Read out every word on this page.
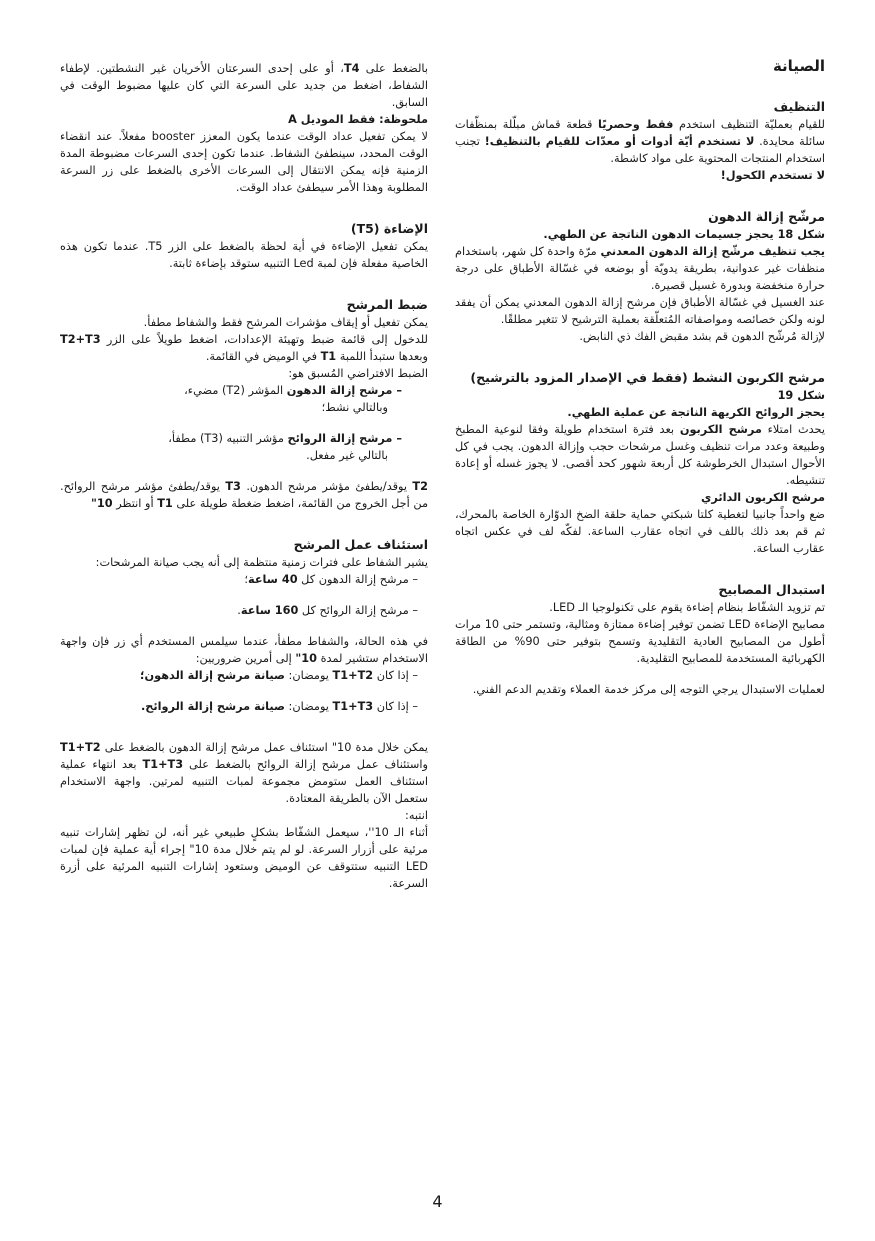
الصيانة
التنظيف

للقيام بعمليّة التنظيف استخدم فقط وحصريًا قطعة قماش مبلّلة بمنظّفات سائلة محايدة. لا تستخدم أيّة أدوات أو معدّات للقيام بالتنظيف! تجنب استخدام المنتجات المحتوية على مواد كاشطة.

لا تستخدم الكحول!

مرشّح إزالة الدهون

شكل 18 يحجز جسيمات الدهون الناتجة عن الطهي.

يجب تنظيف مرشّح إزالة الدهون المعدني مرّة واحدة كل شهر، باستخدام منظفات غير عدوانية، بطريقة يدويّة أو بوضعه في غسّالة الأطباق على درجة حرارة منخفضة وبدورة غسيل قصيرة.

عند الغسيل في غسّالة الأطباق فإن مرشح إزالة الدهون المعدني يمكن أن يفقد لونه ولكن خصائصه ومواصفاته المُتعلّقة بعملية الترشيح لا تتغير مطلقًا.

لإزالة مُرشّح الدهون قم بشد مقبض الفك ذي النابض.

مرشح الكربون النشط (فقط في الإصدار المزود بالترشيح)

شكل 19

يحجز الروائح الكريهة الناتجة عن عملية الطهي.

يحدث امتلاء مرشح الكربون بعد فترة استخدام طويلة وفقا لنوعية المطبخ وطبيعة وعدد مرات تنظيف وغسل مرشحات حجب وإزالة الدهون. يجب في كل الأحوال استبدال الخرطوشة كل أربعة شهور كحد أقصى. لا يجوز غسله أو إعادة تنشيطه.

مرشح الكربون الدائري

ضع واحداً جانبيا لتغطية كلتا شبكتي حماية حلقة الضخ الدوّارة الخاصة بالمحرك، ثم قم بعد ذلك باللف في اتجاه عقارب الساعة. لفكّه لف في عكس اتجاه عقارب الساعة.

استبدال المصابيح

تم تزويد الشفّاط بنظام إضاءة يقوم على تكنولوجيا الـ LED.

مصابيح الإضاءة LED تضمن توفير إضاءة ممتازة ومثالية، وتستمر حتى 10 مرات أطول من المصابيح العادية التقليدية وتسمح بتوفير حتى 90% من الطاقة الكهربائية المستخدمة للمصابيح التقليدية.

لعمليات الاستبدال يرجي التوجه إلى مركز خدمة العملاء وتقديم الدعم الفني.

بالضغط على T4، أو على إحدى السرعتان الأخريان غير النشطتين. لإطفاء الشفاط، اضغط من جديد على السرعة التي كان عليها مضبوط الوقت في السابق.

ملحوظة: فقط الموديل A

لا يمكن تفعيل عداد الوقت عندما يكون المعزز booster مفعلاً. عند انقضاء الوقت المحدد، سينطفئ الشفاط. عندما تكون إحدى السرعات مضبوطة المدة الزمنية فإنه يمكن الانتقال إلى السرعات الأخرى بالضغط على زر السرعة المطلوبة وهذا الأمر سيطفئ عداد الوقت.

الإضاءة (T5)

يمكن تفعيل الإضاءة في أية لحظة بالضغط على الزر T5. عندما تكون هذه الخاصية مفعلة فإن لمبة Led التنبيه ستوقد بإضاءة ثابتة.

ضبط المرشح

يمكن تفعيل أو إيقاف مؤشرات المرشح فقط والشفاط مطفأ.

للدخول إلى قائمة ضبط وتهيئة الإعدادات، اضغط طويلاً على الزر T2+T3 وبعدها ستبدأ اللمبة T1 في الوميض في القائمة.

الضبط الافتراضي المُسبق هو:

– مرشح إزالة الدهون المؤشر (T2) مضيء،

وبالتالي نشط؛

– مرشح إزالة الروائح مؤشر التنبيه (T3) مطفأ،

بالتالي غير مفعل.

T2 يوقد/يطفئ مؤشر مرشح الدهون. T3 يوقد/يطفئ مؤشر مرشح الروائح. من أجل الخروج من القائمة، اضغط ضغطة طويلة على T1 أو انتظر 10"

استئناف عمل المرشح

يشير الشفاط على فترات زمنية منتظمة إلى أنه يجب صيانة المرشحات:

– مرشح إزالة الدهون كل 40 ساعة؛

– مرشح إزالة الروائح كل 160 ساعة.

في هذه الحالة، والشفاط مطفأ، عندما سيلمس المستخدم أي زر فإن واجهة الاستخدام ستشير لمدة 10" إلى أمرين ضروريين:

– إذا كان T1+T2 يومضان: صيانة مرشح إزالة الدهون؛

– إذا كان T1+T3 يومضان: صيانة مرشح إزالة الروائح.

يمكن خلال مدة 10" استئناف عمل مرشح إزالة الدهون بالضغط على T1+T2 واستئناف عمل مرشح إزالة الروائح بالضغط على T1+T3 بعد انتهاء عملية استئناف العمل ستومض مجموعة لمبات التنبيه لمرتين. واجهة الاستخدام ستعمل الآن بالطريقة المعتادة.

انتبه:

أثناء الـ 10''، سيعمل الشفّاط بشكلٍ طبيعي غير أنه، لن تظهر إشارات تنبيه مرئية على أزرار السرعة. لو لم يتم خلال مدة 10" إجراء أية عملية فإن لمبات LED التنبيه ستتوقف عن الوميض وستعود إشارات التنبيه المرئية على أزرة السرعة.

4
